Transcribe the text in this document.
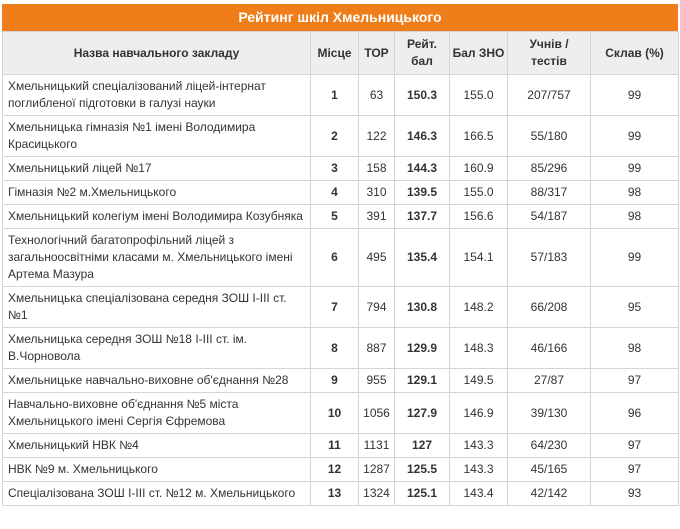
Рейтинг шкіл Хмельницького
Назва навчального закладу	Місце	ТОР	Рейт. бал	Бал ЗНО	Учнів / тестів	Склав (%)
Хмельницький спеціалізований ліцей-інтернат поглибленої підготовки в галузі науки	1	63	150.3	155.0	207/757	99
Хмельницька гімназія №1 імені Володимира Красицького	2	122	146.3	166.5	55/180	99
Хмельницький ліцей №17	3	158	144.3	160.9	85/296	99
Гімназія №2 м.Хмельницького	4	310	139.5	155.0	88/317	98
Хмельницький колегіум імені Володимира Козубняка	5	391	137.7	156.6	54/187	98
Технологічний багатопрофільний ліцей з загальноосвітніми класами м. Хмельницького імені Артема Мазура	6	495	135.4	154.1	57/183	99
Хмельницька спеціалізована середня ЗОШ І-ІІІ ст. №1	7	794	130.8	148.2	66/208	95
Хмельницька середня ЗОШ №18 І-ІІІ ст. ім. В.Чорновола	8	887	129.9	148.3	46/166	98
Хмельницьке навчально-виховне об'єднання №28	9	955	129.1	149.5	27/87	97
Навчально-виховне об'єднання №5 міста Хмельницького імені Сергія Єфремова	10	1056	127.9	146.9	39/130	96
Хмельницький НВК №4	11	1131	127	143.3	64/230	97
НВК №9 м. Хмельницького	12	1287	125.5	143.3	45/165	97
Спеціалізована ЗОШ І-ІІІ ст. №12 м. Хмельницького	13	1324	125.1	143.4	42/142	93
